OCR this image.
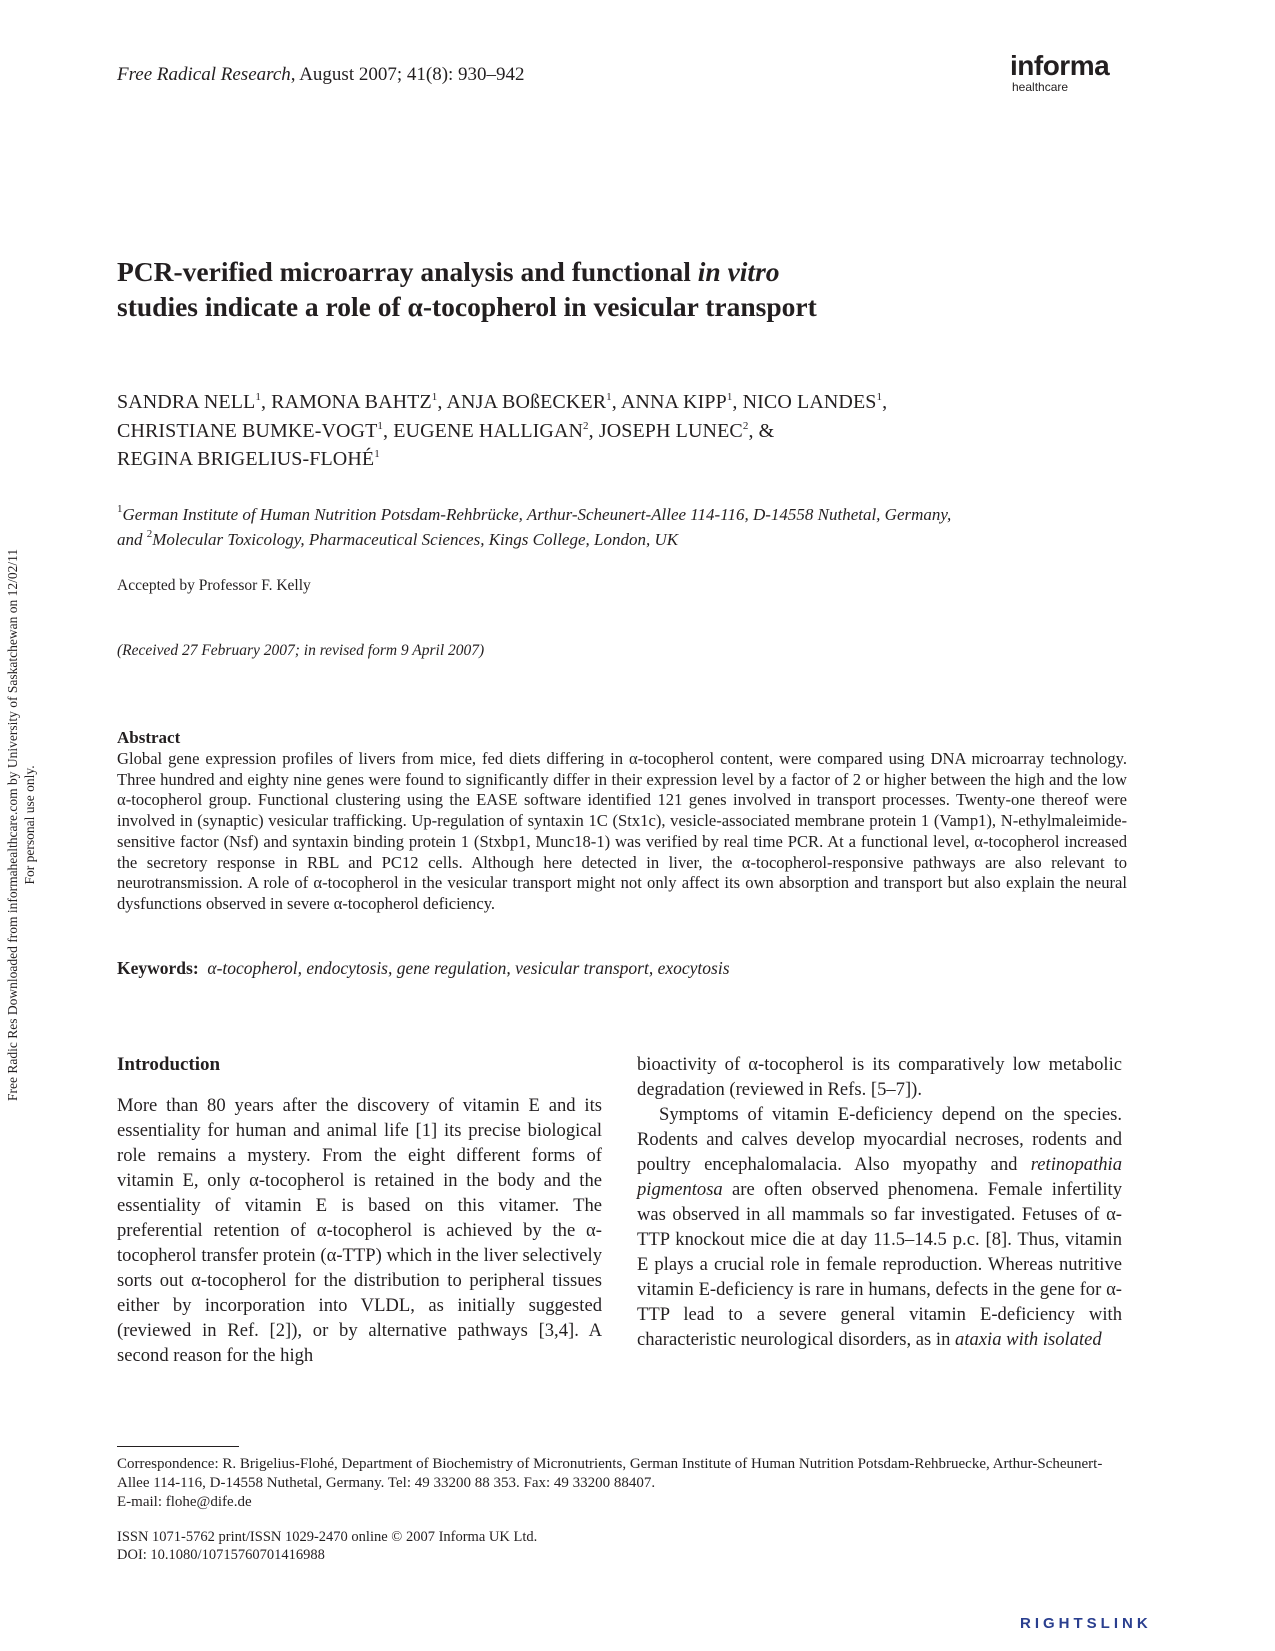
Free Radical Research, August 2007; 41(8): 930–942	informa
healthcare
Free Radic Res Downloaded from informahealthcare.com by University of Saskatchewan on 12/02/11 For personal use only.
PCR-verified microarray analysis and functional in vitro
studies indicate a role of α-tocopherol in vesicular transport
SANDRA NELL$^1$, RAMONA BAHTZ$^1$, ANJA BOßECKER$^1$, ANNA KIPP$^1$, NICO LANDES$^1$,
CHRISTIANE BUMKE-VOGT$^1$, EUGENE HALLIGAN$^2$, JOSEPH LUNEC$^2$, &
REGINA BRIGELIUS-FLOHÉ$^1$
$^1$German Institute of Human Nutrition Potsdam-Rehbrücke, Arthur-Scheunert-Allee 114-116, D-14558 Nuthetal, Germany,
and $^2$Molecular Toxicology, Pharmaceutical Sciences, Kings College, London, UK
Accepted by Professor F. Kelly
(Received 27 February 2007; in revised form 9 April 2007)
Abstract
Global gene expression profiles of livers from mice, fed diets differing in α-tocopherol content, were compared using DNA microarray technology. Three hundred and eighty nine genes were found to significantly differ in their expression level by a factor of 2 or higher between the high and the low α-tocopherol group. Functional clustering using the EASE software identified 121 genes involved in transport processes. Twenty-one thereof were involved in (synaptic) vesicular trafficking. Up-regulation of syntaxin 1C (Stx1c), vesicle-associated membrane protein 1 (Vamp1), N-ethylmaleimide-sensitive factor (Nsf) and syntaxin binding protein 1 (Stxbp1, Munc18-1) was verified by real time PCR. At a functional level, α-tocopherol increased the secretory response in RBL and PC12 cells. Although here detected in liver, the α-tocopherol-responsive pathways are also relevant to neurotransmission. A role of α-tocopherol in the vesicular transport might not only affect its own absorption and transport but also explain the neural dysfunctions observed in severe α-tocopherol deficiency.
Keywords: α-tocopherol, endocytosis, gene regulation, vesicular transport, exocytosis
Introduction

More than 80 years after the discovery of vitamin E and its essentiality for human and animal life [1] its precise biological role remains a mystery. From the eight different forms of vitamin E, only α-tocopherol is retained in the body and the essentiality of vitamin E is based on this vitamer. The preferential retention of α-tocopherol is achieved by the α-tocopherol transfer protein (α-TTP) which in the liver selectively sorts out α-tocopherol for the distribution to peripheral tissues either by incorporation into VLDL, as initially suggested (reviewed in Ref. [2]), or by alternative pathways [3,4]. A second reason for the high

bioactivity of α-tocopherol is its comparatively low metabolic degradation (reviewed in Refs. [5–7]).

Symptoms of vitamin E-deficiency depend on the species. Rodents and calves develop myocardial necroses, rodents and poultry encephalomalacia. Also myopathy and retinopathia pigmentosa are often observed phenomena. Female infertility was observed in all mammals so far investigated. Fetuses of α-TTP knockout mice die at day 11.5–14.5 p.c. [8]. Thus, vitamin E plays a crucial role in female reproduction. Whereas nutritive vitamin E-deficiency is rare in humans, defects in the gene for α-TTP lead to a severe general vitamin E-deficiency with characteristic neurological disorders, as in ataxia with isolated

Correspondence: R. Brigelius-Flohé, Department of Biochemistry of Micronutrients, German Institute of Human Nutrition Potsdam-Rehbruecke, Arthur-Scheunert-Allee 114-116, D-14558 Nuthetal, Germany. Tel: 49 33200 88 353. Fax: 49 33200 88407.
E-mail: flohe@dife.de
ISSN 1071-5762 print/ISSN 1029-2470 online © 2007 Informa UK Ltd.
DOI: 10.1080/10715760701416988
RIGHTSLINK
